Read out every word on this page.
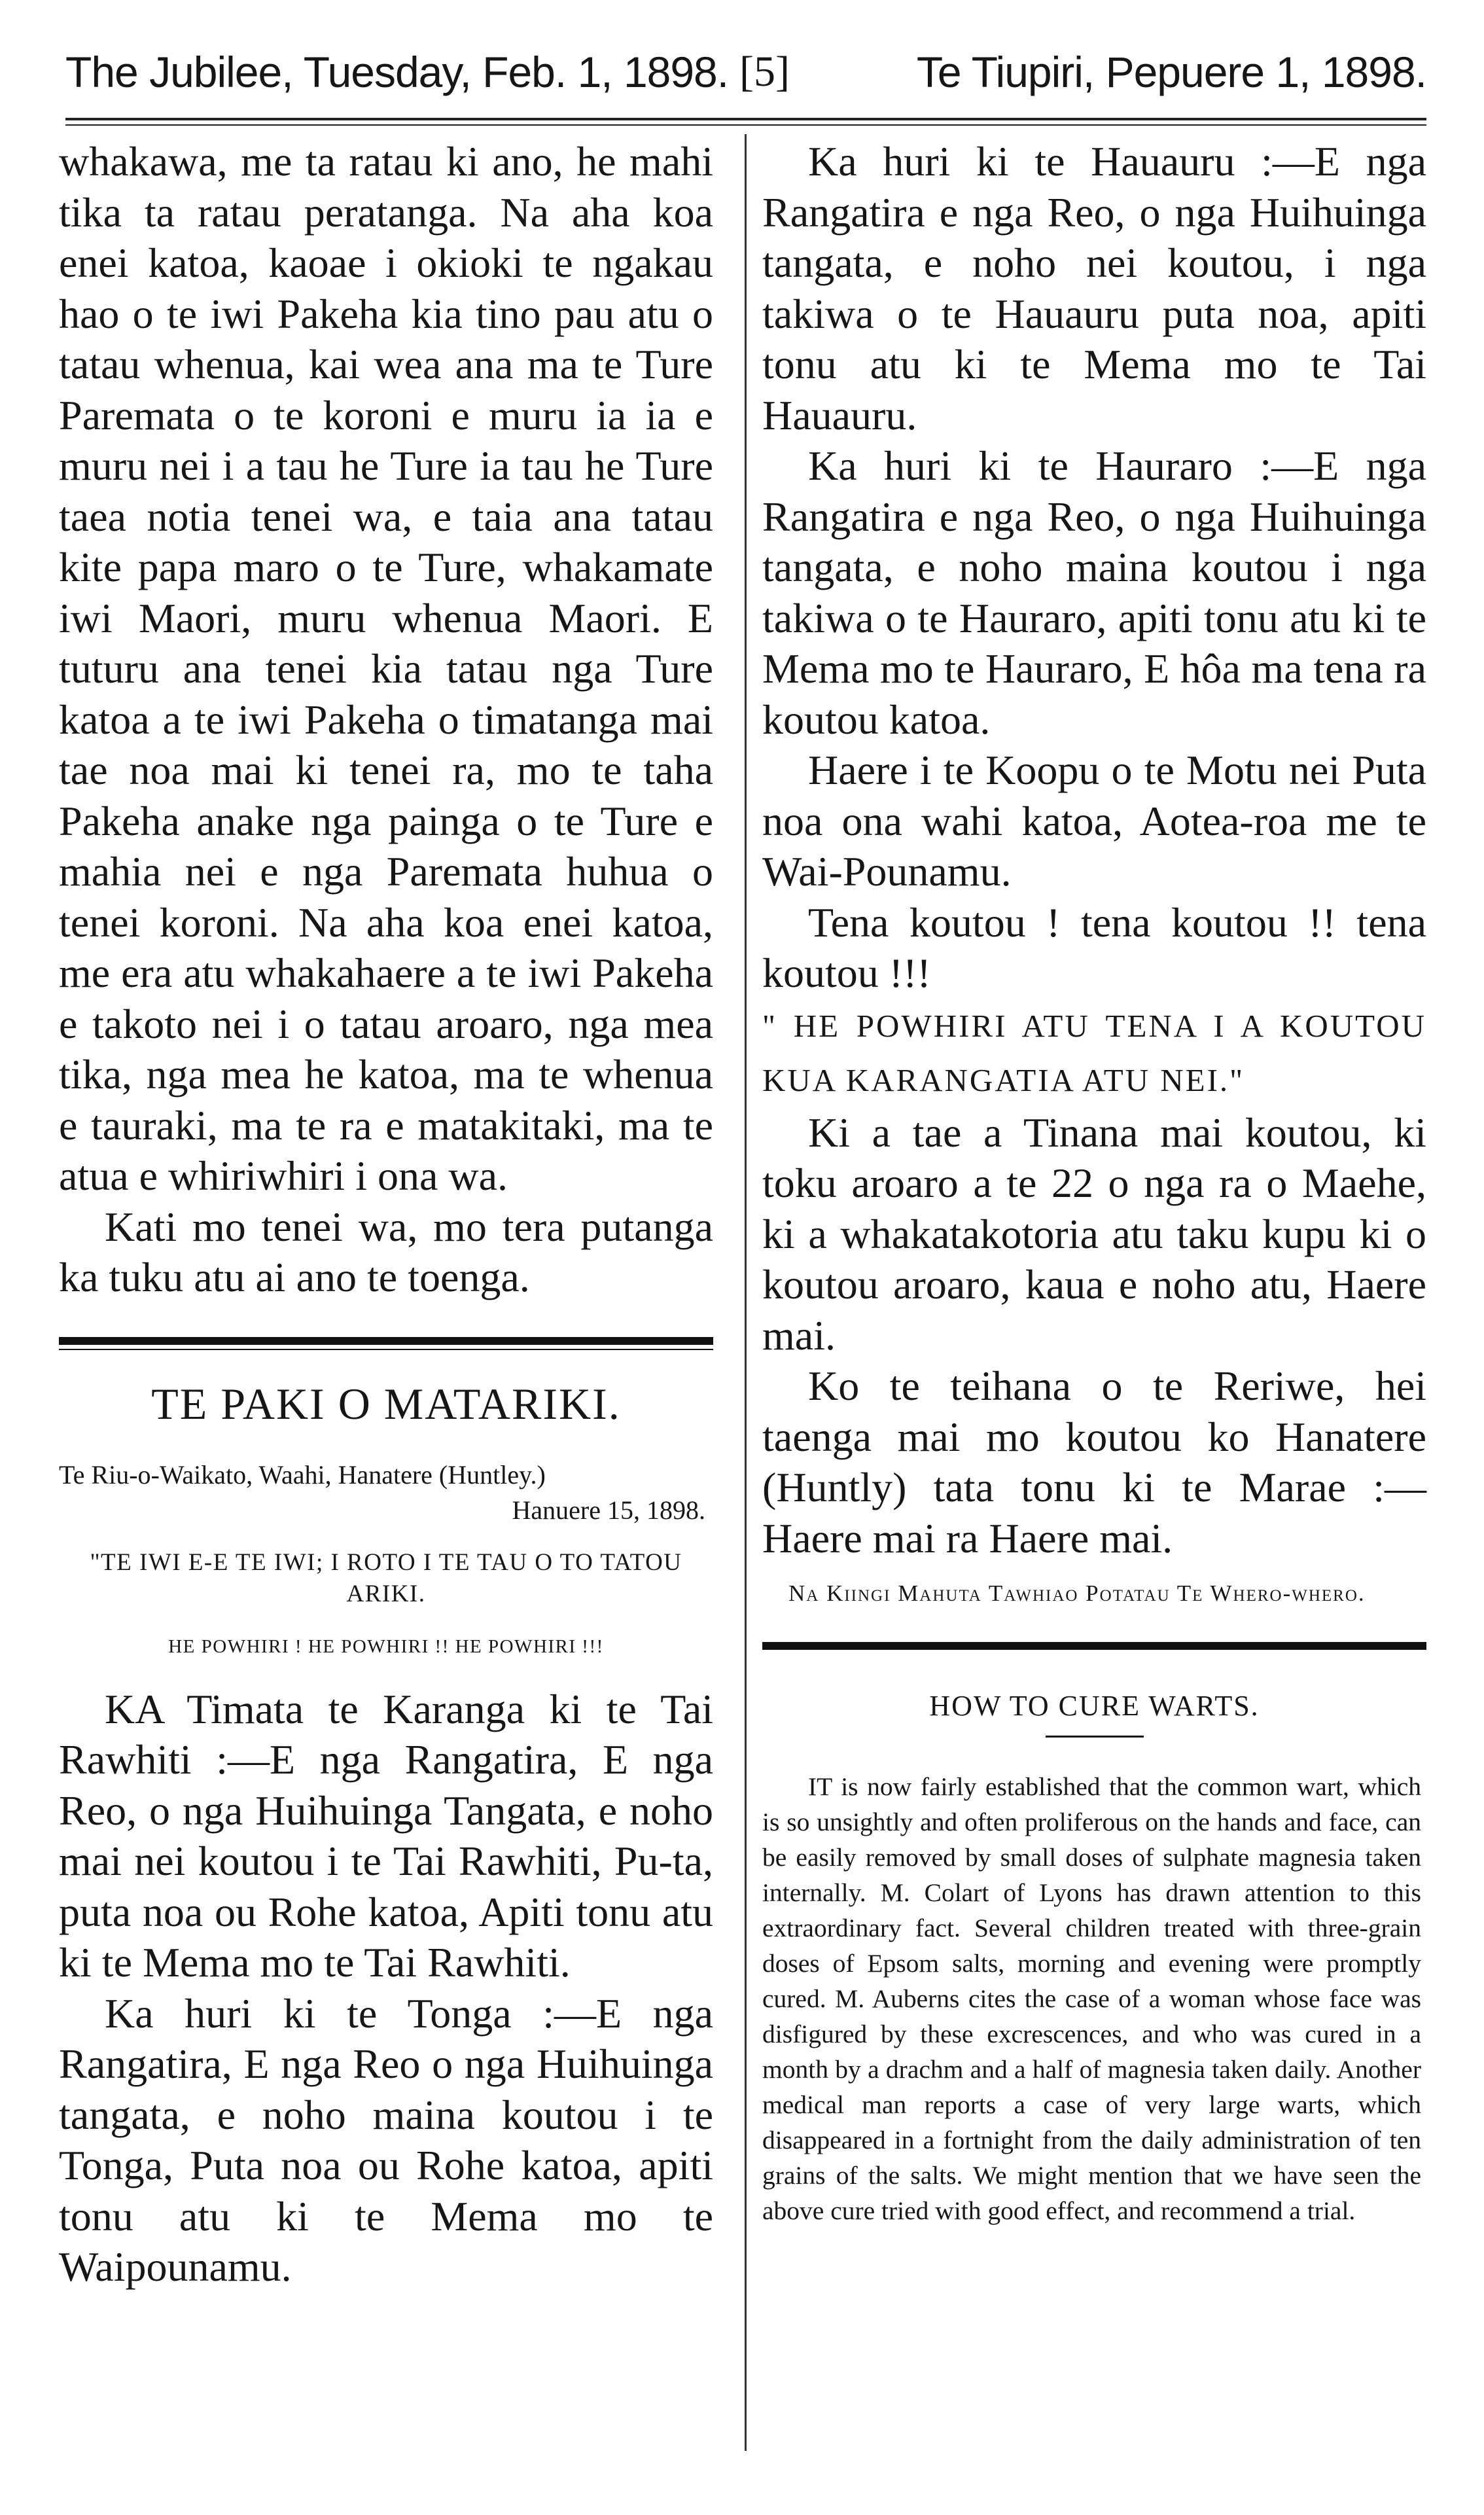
The Jubilee, Tuesday, Feb. 1, 1898. [5]	Te Tiupiri, Pepuere 1, 1898.

whakawa, me ta ratau ki ano, he mahi tika ta ratau peratanga. Na aha koa enei katoa, kaoae i okioki te ngakau hao o te iwi Pakeha kia tino pau atu o tatau whenua, kai wea ana ma te Ture Paremata o te koroni e muru ia ia e muru nei i a tau he Ture ia tau he Ture taea notia tenei wa, e taia ana tatau kite papa maro o te Ture, whakamate iwi Maori, muru whenua Maori. E tuturu ana tenei kia tatau nga Ture katoa a te iwi Pakeha o timatanga mai tae noa mai ki tenei ra, mo te taha Pakeha anake nga painga o te Ture e mahia nei e nga Paremata huhua o tenei koroni. Na aha koa enei katoa, me era atu whakahaere a te iwi Pakeha e takoto nei i o tatau aroaro, nga mea tika, nga mea he katoa, ma te whenua e tauraki, ma te ra e matakitaki, ma te atua e whiriwhiri i ona wa.

Kati mo tenei wa, mo tera putanga ka tuku atu ai ano te toenga.

TE PAKI O MATARIKI.
Te Riu-o-Waikato, Waahi, Hanatere (Huntley.)
Hanuere 15, 1898.
"TE IWI E-E TE IWI; I ROTO I TE TAU O TO TATOU ARIKI.
HE POWHIRI ! HE POWHIRI !! HE POWHIRI !!!

KA Timata te Karanga ki te Tai Rawhiti :—E nga Rangatira, E nga Reo, o nga Huihuinga Tangata, e noho mai nei koutou i te Tai Rawhiti, Pu-ta, puta noa ou Rohe katoa, Apiti tonu atu ki te Mema mo te Tai Rawhiti.

Ka huri ki te Tonga :—E nga Rangatira, E nga Reo o nga Huihuinga tangata, e noho maina koutou i te Tonga, Puta noa ou Rohe katoa, apiti tonu atu ki te Mema mo te Waipounamu.

Ka huri ki te Hauauru :—E nga Rangatira e nga Reo, o nga Huihuinga tangata, e noho nei koutou, i nga takiwa o te Hauauru puta noa, apiti tonu atu ki te Mema mo te Tai Hauauru.

Ka huri ki te Hauraro :—E nga Rangatira e nga Reo, o nga Huihuinga tangata, e noho maina koutou i nga takiwa o te Hauraro, apiti tonu atu ki te Mema mo te Hauraro, E hôa ma tena ra koutou katoa.

Haere i te Koopu o te Motu nei Puta noa ona wahi katoa, Aotea-roa me te Wai-Pounamu.

Tena koutou ! tena koutou !! tena koutou !!!

" HE POWHIRI ATU TENA I A KOUTOU KUA KARANGATIA ATU NEI."

Ki a tae a Tinana mai koutou, ki toku aroaro a te 22 o nga ra o Maehe, ki a whakatakotoria atu taku kupu ki o koutou aroaro, kaua e noho atu, Haere mai.

Ko te teihana o te Reriwe, hei taenga mai mo koutou ko Hanatere (Huntly) tata tonu ki te Marae :— Haere mai ra Haere mai.

Na Kiingi Mahuta Tawhiao Potatau Te Whero-whero.

HOW TO CURE WARTS.

IT is now fairly established that the common wart, which is so unsightly and often proliferous on the hands and face, can be easily removed by small doses of sulphate magnesia taken internally. M. Colart of Lyons has drawn attention to this extraordinary fact. Several children treated with three-grain doses of Epsom salts, morning and evening were promptly cured. M. Auberns cites the case of a woman whose face was disfigured by these excrescences, and who was cured in a month by a drachm and a half of magnesia taken daily. Another medical man reports a case of very large warts, which disappeared in a fortnight from the daily administration of ten grains of the salts. We might mention that we have seen the above cure tried with good effect, and recommend a trial.
